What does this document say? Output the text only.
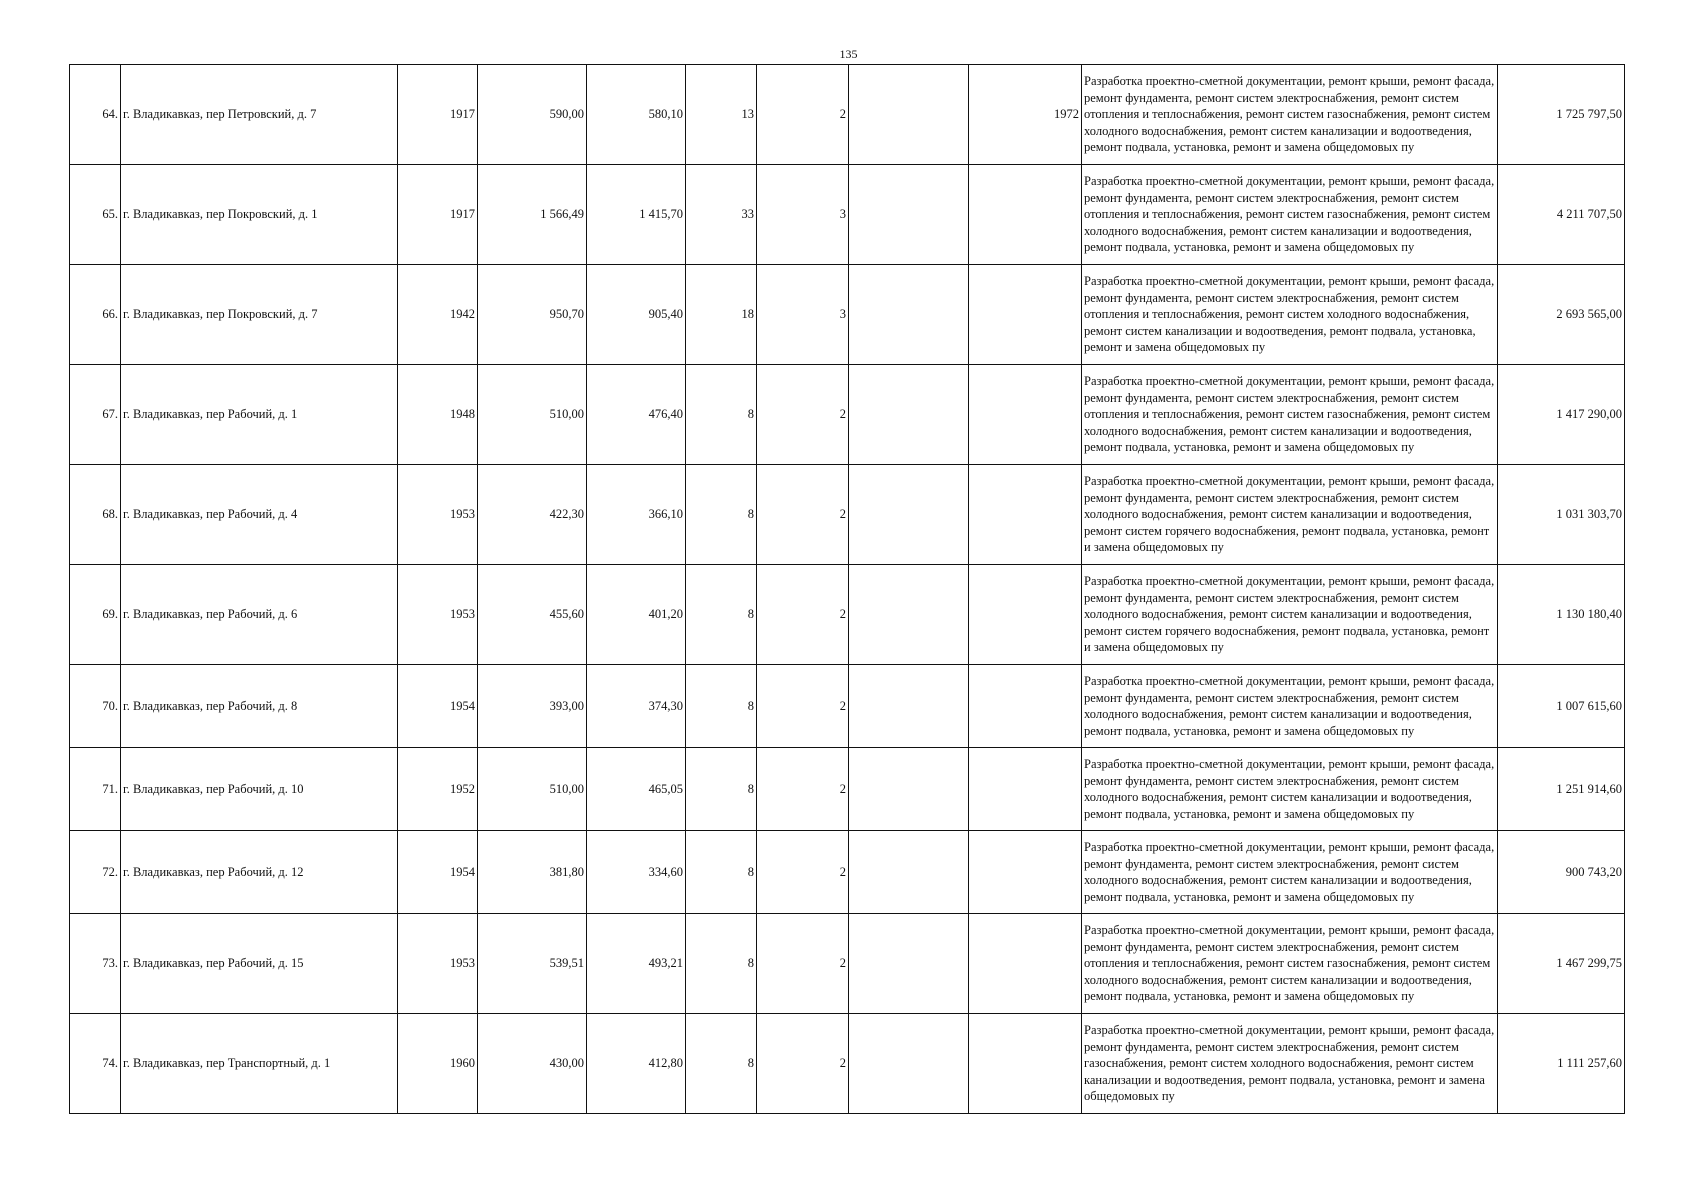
135
64.	г. Владикавказ, пер Петровский, д. 7	1917	590,00	580,10	13	2		1972	Разработка проектно-сметной документации, ремонт крыши, ремонт фасада, ремонт фундамента, ремонт систем электроснабжения, ремонт систем отопления и теплоснабжения, ремонт систем газоснабжения, ремонт систем холодного водоснабжения, ремонт систем канализации и водоотведения, ремонт подвала, установка, ремонт и замена общедомовых пу	1 725 797,50
65.	г. Владикавказ, пер Покровский, д. 1	1917	1 566,49	1 415,70	33	3			Разработка проектно-сметной документации, ремонт крыши, ремонт фасада, ремонт фундамента, ремонт систем электроснабжения, ремонт систем отопления и теплоснабжения, ремонт систем газоснабжения, ремонт систем холодного водоснабжения, ремонт систем канализации и водоотведения, ремонт подвала, установка, ремонт и замена общедомовых пу	4 211 707,50
66.	г. Владикавказ, пер Покровский, д. 7	1942	950,70	905,40	18	3			Разработка проектно-сметной документации, ремонт крыши, ремонт фасада, ремонт фундамента, ремонт систем электроснабжения, ремонт систем отопления и теплоснабжения, ремонт систем холодного водоснабжения, ремонт систем канализации и водоотведения, ремонт подвала, установка, ремонт и замена общедомовых пу	2 693 565,00
67.	г. Владикавказ, пер Рабочий, д. 1	1948	510,00	476,40	8	2			Разработка проектно-сметной документации, ремонт крыши, ремонт фасада, ремонт фундамента, ремонт систем электроснабжения, ремонт систем отопления и теплоснабжения, ремонт систем газоснабжения, ремонт систем холодного водоснабжения, ремонт систем канализации и водоотведения, ремонт подвала, установка, ремонт и замена общедомовых пу	1 417 290,00
68.	г. Владикавказ, пер Рабочий, д. 4	1953	422,30	366,10	8	2			Разработка проектно-сметной документации, ремонт крыши, ремонт фасада, ремонт фундамента, ремонт систем электроснабжения, ремонт систем холодного водоснабжения, ремонт систем канализации и водоотведения, ремонт систем горячего водоснабжения, ремонт подвала, установка, ремонт и замена общедомовых пу	1 031 303,70
69.	г. Владикавказ, пер Рабочий, д. 6	1953	455,60	401,20	8	2			Разработка проектно-сметной документации, ремонт крыши, ремонт фасада, ремонт фундамента, ремонт систем электроснабжения, ремонт систем холодного водоснабжения, ремонт систем канализации и водоотведения, ремонт систем горячего водоснабжения, ремонт подвала, установка, ремонт и замена общедомовых пу	1 130 180,40
70.	г. Владикавказ, пер Рабочий, д. 8	1954	393,00	374,30	8	2			Разработка проектно-сметной документации, ремонт крыши, ремонт фасада, ремонт фундамента, ремонт систем электроснабжения, ремонт систем холодного водоснабжения, ремонт систем канализации и водоотведения, ремонт подвала, установка, ремонт и замена общедомовых пу	1 007 615,60
71.	г. Владикавказ, пер Рабочий, д. 10	1952	510,00	465,05	8	2			Разработка проектно-сметной документации, ремонт крыши, ремонт фасада, ремонт фундамента, ремонт систем электроснабжения, ремонт систем холодного водоснабжения, ремонт систем канализации и водоотведения, ремонт подвала, установка, ремонт и замена общедомовых пу	1 251 914,60
72.	г. Владикавказ, пер Рабочий, д. 12	1954	381,80	334,60	8	2			Разработка проектно-сметной документации, ремонт крыши, ремонт фасада, ремонт фундамента, ремонт систем электроснабжения, ремонт систем холодного водоснабжения, ремонт систем канализации и водоотведения, ремонт подвала, установка, ремонт и замена общедомовых пу	900 743,20
73.	г. Владикавказ, пер Рабочий, д. 15	1953	539,51	493,21	8	2			Разработка проектно-сметной документации, ремонт крыши, ремонт фасада, ремонт фундамента, ремонт систем электроснабжения, ремонт систем отопления и теплоснабжения, ремонт систем газоснабжения, ремонт систем холодного водоснабжения, ремонт систем канализации и водоотведения, ремонт подвала, установка, ремонт и замена общедомовых пу	1 467 299,75
74.	г. Владикавказ, пер Транспортный, д. 1	1960	430,00	412,80	8	2			Разработка проектно-сметной документации, ремонт крыши, ремонт фасада, ремонт фундамента, ремонт систем электроснабжения, ремонт систем газоснабжения, ремонт систем холодного водоснабжения, ремонт систем канализации и водоотведения, ремонт подвала, установка, ремонт и замена общедомовых пу	1 111 257,60
